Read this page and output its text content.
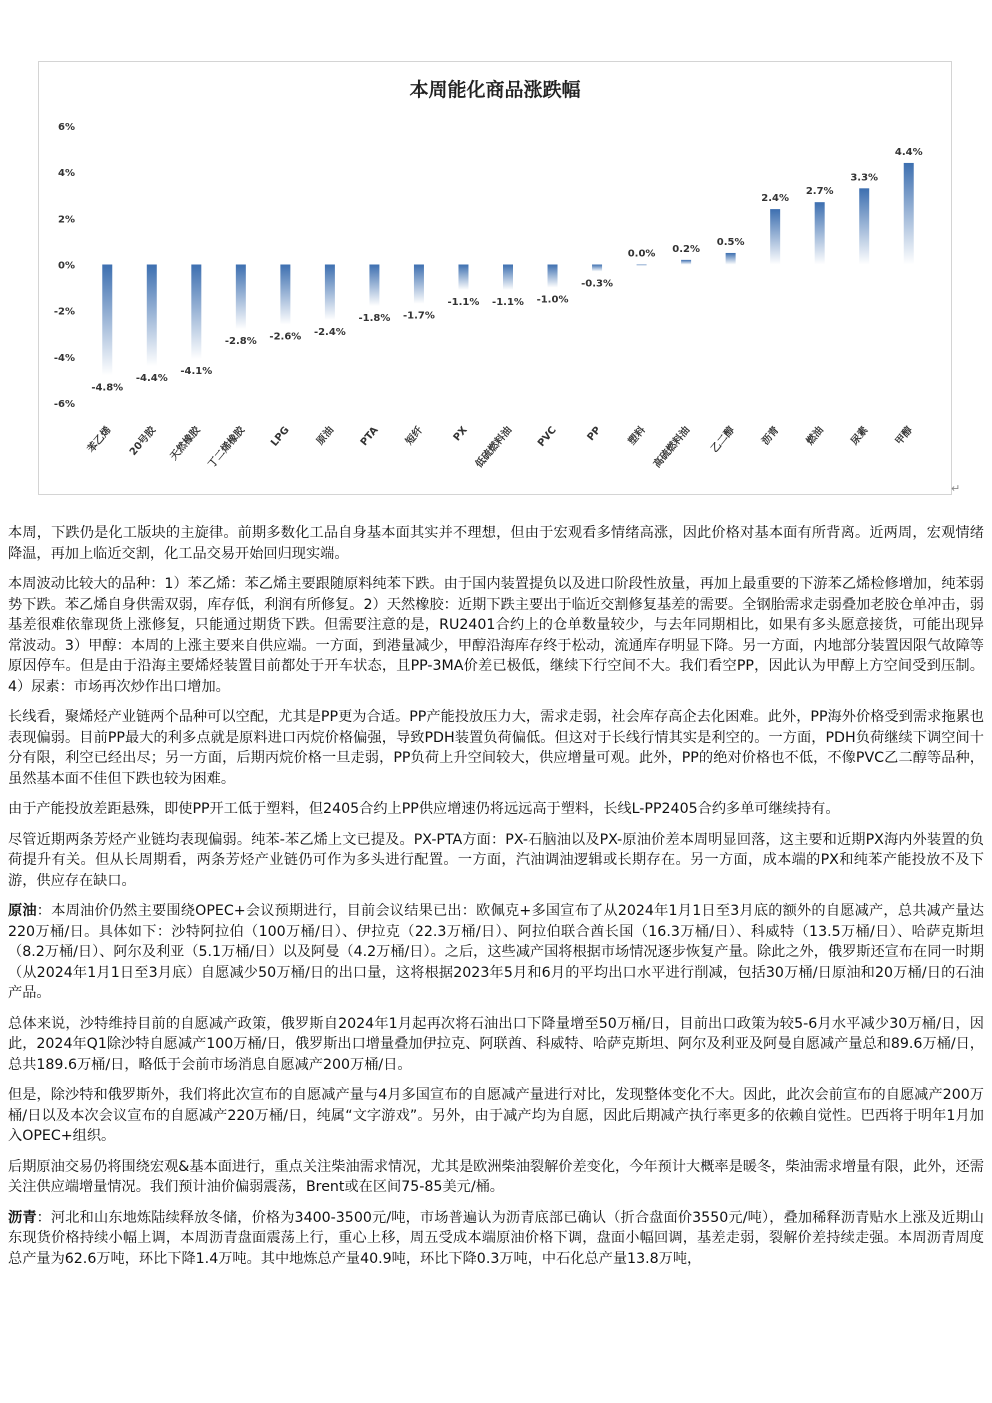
本周能化商品涨跌幅
6%
4%
2%
0%
-2%
-4%
-6%
-4.8%
-4.4%
-4.1%
-2.8% -2.6% -2.4%
-1.8% -1.7%
-1.1% -1.1% -1.0%
-0.3%
0.0% 0.2%
0.5%
2.4%
2.7%
3.3%
4.4%
苯乙烯 20号胶 天然橡胶 丁二烯橡胶 LPG 原油 PTA 短纤	PX 低硫燃料油 PVC	PP 塑料 高硫燃料油 乙二醇 沥青 燃油 尿素 甲醇
↵

本周，下跌仍是化工版块的主旋律。前期多数化工品自身基本面其实并不理想，但由于宏观看多情绪高涨，因此价格对基本面有所背离。近两周，宏观情绪降温，再加上临近交割，化工品交易开始回归现实端。

本周波动比较大的品种：1）苯乙烯：苯乙烯主要跟随原料纯苯下跌。由于国内装置提负以及进口阶段性放量，再加上最重要的下游苯乙烯检修增加，纯苯弱势下跌。苯乙烯自身供需双弱，库存低，利润有所修复。2）天然橡胶：近期下跌主要出于临近交割修复基差的需要。全钢胎需求走弱叠加老胶仓单冲击，弱基差很难依靠现货上涨修复，只能通过期货下跌。但需要注意的是，RU2401合约上的仓单数量较少，与去年同期相比，如果有多头愿意接货，可能出现异常波动。3）甲醇：本周的上涨主要来自供应端。一方面，到港量减少，甲醇沿海库存终于松动，流通库存明显下降。另一方面，内地部分装置因限气故障等原因停车。但是由于沿海主要烯烃装置目前都处于开车状态，且PP-3MA价差已极低，继续下行空间不大。我们看空PP，因此认为甲醇上方空间受到压制。4）尿素：市场再次炒作出口增加。

长线看，聚烯烃产业链两个品种可以空配，尤其是PP更为合适。PP产能投放压力大，需求走弱，社会库存高企去化困难。此外，PP海外价格受到需求拖累也表现偏弱。目前PP最大的利多点就是原料进口丙烷价格偏强，导致PDH装置负荷偏低。但这对于长线行情其实是利空的。一方面，PDH负荷继续下调空间十分有限，利空已经出尽；另一方面，后期丙烷价格一旦走弱，PP负荷上升空间较大，供应增量可观。此外，PP的绝对价格也不低，不像PVC乙二醇等品种，虽然基本面不佳但下跌也较为困难。

由于产能投放差距悬殊，即使PP开工低于塑料，但2405合约上PP供应增速仍将远远高于塑料，长线L-PP2405合约多单可继续持有。

尽管近期两条芳烃产业链均表现偏弱。纯苯-苯乙烯上文已提及。PX-PTA方面：PX-石脑油以及PX-原油价差本周明显回落，这主要和近期PX海内外装置的负荷提升有关。但从长周期看，两条芳烃产业链仍可作为多头进行配置。一方面，汽油调油逻辑或长期存在。另一方面，成本端的PX和纯苯产能投放不及下游，供应存在缺口。

原油：本周油价仍然主要围绕OPEC+会议预期进行，目前会议结果已出：欧佩克+多国宣布了从2024年1月1日至3月底的额外的自愿减产，总共减产量达220万桶/日。具体如下：沙特阿拉伯（100万桶/日）、伊拉克（22.3万桶/日）、阿拉伯联合酋长国（16.3万桶/日）、科威特（13.5万桶/日）、哈萨克斯坦（8.2万桶/日）、阿尔及利亚（5.1万桶/日）以及阿曼（4.2万桶/日）。之后，这些减产国将根据市场情况逐步恢复产量。除此之外，俄罗斯还宣布在同一时期（从2024年1月1日至3月底）自愿减少50万桶/日的出口量，这将根据2023年5月和6月的平均出口水平进行削减，包括30万桶/日原油和20万桶/日的石油产品。

总体来说，沙特维持目前的自愿减产政策，俄罗斯自2024年1月起再次将石油出口下降量增至50万桶/日，目前出口政策为较5-6月水平减少30万桶/日，因此，2024年Q1除沙特自愿减产100万桶/日，俄罗斯出口增量叠加伊拉克、阿联酋、科威特、哈萨克斯坦、阿尔及利亚及阿曼自愿减产量总和89.6万桶/日，总共189.6万桶/日，略低于会前市场消息自愿减产200万桶/日。

但是，除沙特和俄罗斯外，我们将此次宣布的自愿减产量与4月多国宣布的自愿减产量进行对比，发现整体变化不大。因此，此次会前宣布的自愿减产200万桶/日以及本次会议宣布的自愿减产220万桶/日，纯属“文字游戏”。另外，由于减产均为自愿，因此后期减产执行率更多的依赖自觉性。巴西将于明年1月加入OPEC+组织。

后期原油交易仍将围绕宏观&基本面进行，重点关注柴油需求情况，尤其是欧洲柴油裂解价差变化，今年预计大概率是暖冬，柴油需求增量有限，此外，还需关注供应端增量情况。我们预计油价偏弱震荡，Brent或在区间75-85美元/桶。

沥青：河北和山东地炼陆续释放冬储，价格为3400-3500元/吨，市场普遍认为沥青底部已确认（折合盘面价3550元/吨），叠加稀释沥青贴水上涨及近期山东现货价格持续小幅上调，本周沥青盘面震荡上行，重心上移，周五受成本端原油价格下调，盘面小幅回调，基差走弱，裂解价差持续走强。本周沥青周度总产量为62.6万吨，环比下降1.4万吨。其中地炼总产量40.9吨，环比下降0.3万吨，中石化总产量13.8万吨，
